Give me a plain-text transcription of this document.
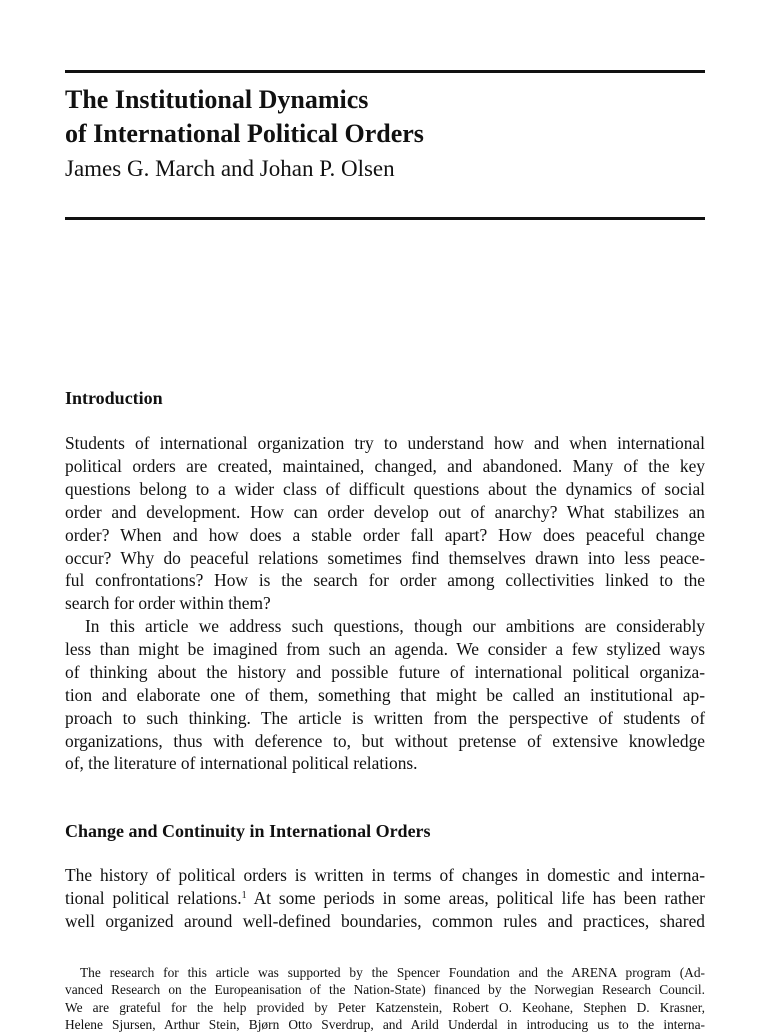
The Institutional Dynamics
of International Political Orders

James G. March and Johan P. Olsen

Introduction

Students of international organization try to understand how and when international
political orders are created, maintained, changed, and abandoned. Many of the key
questions belong to a wider class of difficult questions about the dynamics of social
order and development. How can order develop out of anarchy? What stabilizes an
order? When and how does a stable order fall apart? How does peaceful change
occur? Why do peaceful relations sometimes find themselves drawn into less peace-
ful confrontations? How is the search for order among collectivities linked to the
search for order within them?

In this article we address such questions, though our ambitions are considerably
less than might be imagined from such an agenda. We consider a few stylized ways
of thinking about the history and possible future of international political organiza-
tion and elaborate one of them, something that might be called an institutional ap-
proach to such thinking. The article is written from the perspective of students of
organizations, thus with deference to, but without pretense of extensive knowledge
of, the literature of international political relations.

Change and Continuity in International Orders

The history of political orders is written in terms of changes in domestic and interna-
tional political relations.$^1$ At some periods in some areas, political life has been rather
well organized around well-defined boundaries, common rules and practices, shared

The research for this article was supported by the Spencer Foundation and the ARENA program (Ad-
vanced Research on the Europeanisation of the Nation-State) financed by the Norwegian Research Council.
We are grateful for the help provided by Peter Katzenstein, Robert O. Keohane, Stephen D. Krasner,
Helene Sjursen, Arthur Stein, Bjørn Otto Sverdrup, and Arild Underdal in introducing us to the interna-
